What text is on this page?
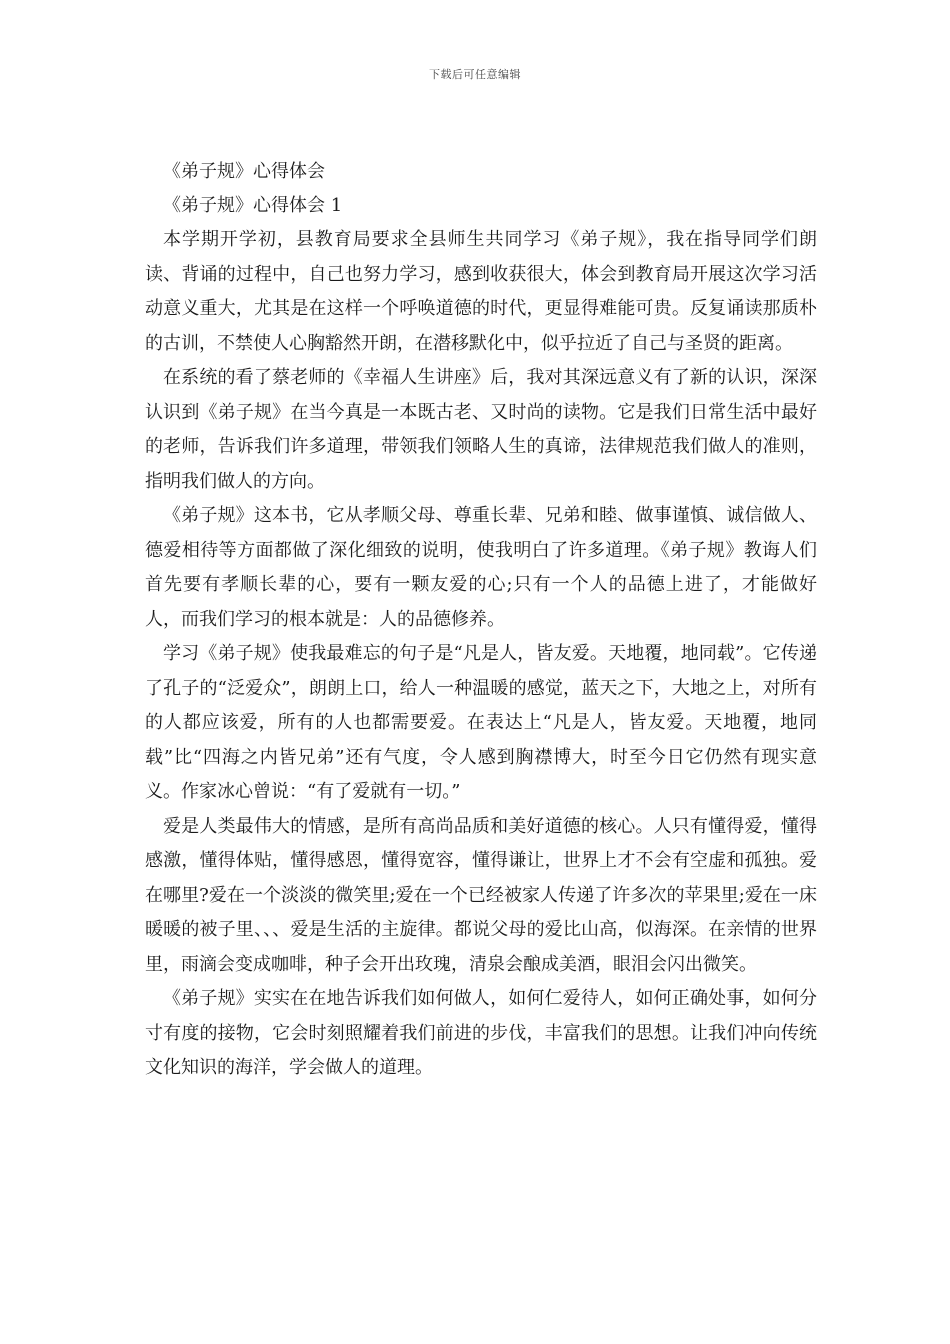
下载后可任意编辑

《弟子规》心得体会

《弟子规》心得体会 1

本学期开学初，县教育局要求全县师生共同学习《弟子规》，我在指导同学们朗读、背诵的过程中，自己也努力学习，感到收获很大，体会到教育局开展这次学习活动意义重大，尤其是在这样一个呼唤道德的时代，更显得难能可贵。反复诵读那质朴的古训，不禁使人心胸豁然开朗，在潜移默化中，似乎拉近了自己与圣贤的距离。

在系统的看了蔡老师的《幸福人生讲座》后，我对其深远意义有了新的认识，深深认识到《弟子规》在当今真是一本既古老、又时尚的读物。它是我们日常生活中最好的老师，告诉我们许多道理，带领我们领略人生的真谛，法律规范我们做人的准则，指明我们做人的方向。

《弟子规》这本书，它从孝顺父母、尊重长辈、兄弟和睦、做事谨慎、诚信做人、德爱相待等方面都做了深化细致的说明，使我明白了许多道理。《弟子规》教诲人们首先要有孝顺长辈的心，要有一颗友爱的心;只有一个人的品德上进了，才能做好人，而我们学习的根本就是：人的品德修养。

学习《弟子规》使我最难忘的句子是“凡是人，皆友爱。天地覆，地同载”。它传递了孔子的“泛爱众”，朗朗上口，给人一种温暖的感觉，蓝天之下，大地之上，对所有的人都应该爱，所有的人也都需要爱。在表达上“凡是人，皆友爱。天地覆，地同载”比“四海之内皆兄弟”还有气度，令人感到胸襟博大，时至今日它仍然有现实意义。作家冰心曾说：“有了爱就有一切。”

爱是人类最伟大的情感，是所有高尚品质和美好道德的核心。人只有懂得爱，懂得感激，懂得体贴，懂得感恩，懂得宽容，懂得谦让，世界上才不会有空虚和孤独。爱在哪里?爱在一个淡淡的微笑里;爱在一个已经被家人传递了许多次的苹果里;爱在一床暖暖的被子里、、、爱是生活的主旋律。都说父母的爱比山高，似海深。在亲情的世界里，雨滴会变成咖啡，种子会开出玫瑰，清泉会酿成美酒，眼泪会闪出微笑。

《弟子规》实实在在地告诉我们如何做人，如何仁爱待人，如何正确处事，如何分寸有度的接物，它会时刻照耀着我们前进的步伐，丰富我们的思想。让我们冲向传统文化知识的海洋，学会做人的道理。
